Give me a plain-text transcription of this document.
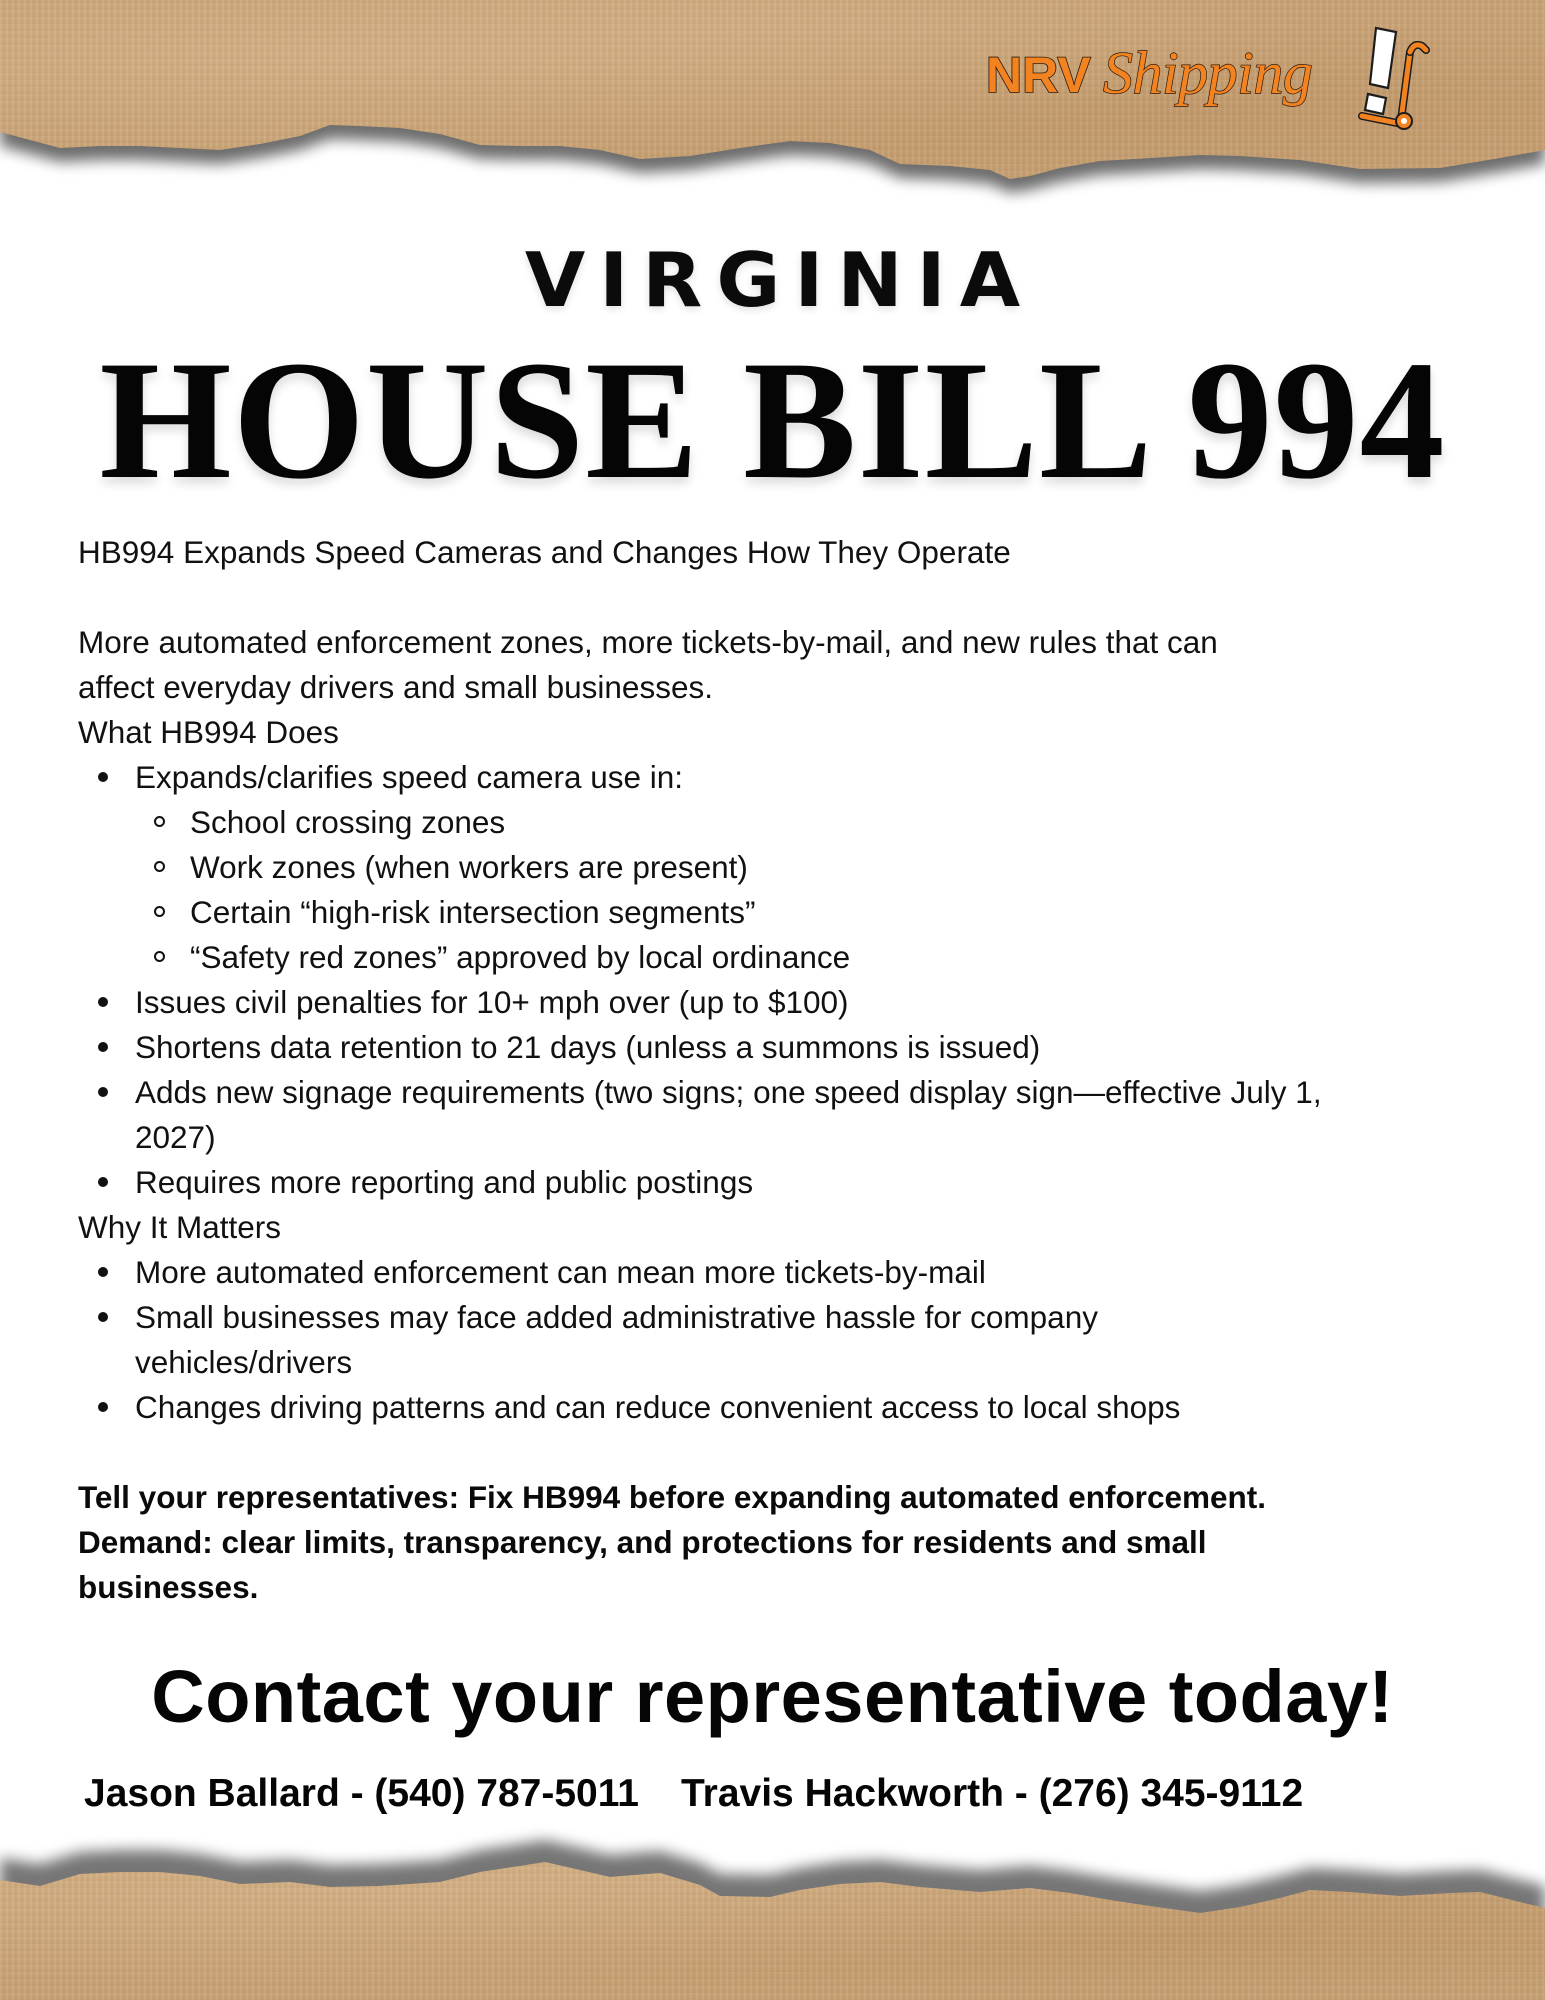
NRV Shipping
VIRGINIA
HOUSE BILL 994

HB994 Expands Speed Cameras and Changes How They Operate

More automated enforcement zones, more tickets-by-mail, and new rules that can
affect everyday drivers and small businesses.

What HB994 Does

Expands/clarifies speed camera use in:
School crossing zones
Work zones (when workers are present)
Certain “high-risk intersection segments”
“Safety red zones” approved by local ordinance
Issues civil penalties for 10+ mph over (up to $100)
Shortens data retention to 21 days (unless a summons is issued)
Adds new signage requirements (two signs; one speed display sign—effective July 1,
2027)
Requires more reporting and public postings

Why It Matters

More automated enforcement can mean more tickets-by-mail
Small businesses may face added administrative hassle for company
vehicles/drivers
Changes driving patterns and can reduce convenient access to local shops

Tell your representatives: Fix HB994 before expanding automated enforcement.
Demand: clear limits, transparency, and protections for residents and small
businesses.

Contact your representative today!
Jason Ballard - (540) 787-5011 Travis Hackworth - (276) 345-9112
